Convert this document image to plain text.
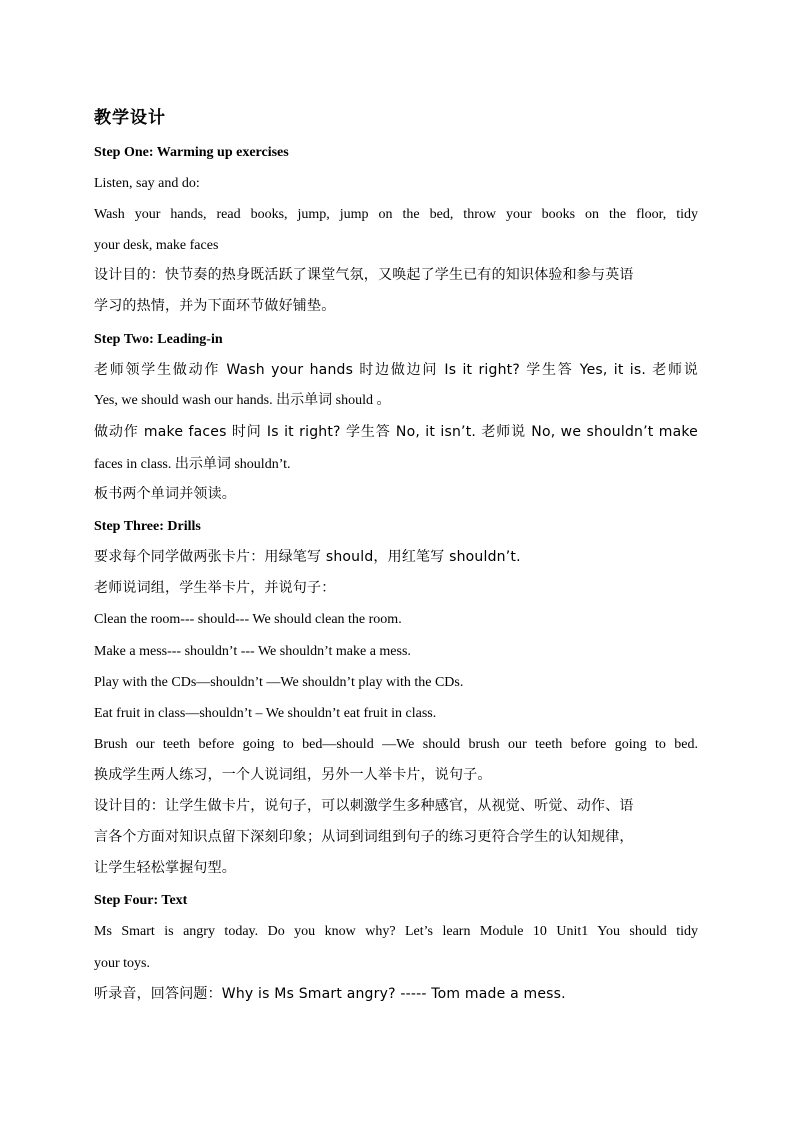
教学设计
Step One: Warming up exercises
Listen, say and do:
Wash your hands, read books, jump, jump on the bed, throw your books on the floor, tidy
your desk, make faces
设计目的：快节奏的热身既活跃了课堂气氛，又唤起了学生已有的知识体验和参与英语
学习的热情，并为下面环节做好铺垫。
Step Two: Leading-in
老师领学生做动作 Wash your hands 时边做边问 Is it right? 学生答 Yes, it is. 老师说
Yes, we should wash our hands. 出示单词 should 。
做动作 make faces 时问 Is it right? 学生答 No, it isn’t. 老师说 No, we shouldn’t make
faces in class. 出示单词 shouldn’t.
板书两个单词并领读。
Step Three: Drills
要求每个同学做两张卡片：用绿笔写 should，用红笔写 shouldn’t.
老师说词组，学生举卡片，并说句子：
Clean the room--- should--- We should clean the room.
Make a mess--- shouldn’t --- We shouldn’t make a mess.
Play with the CDs—shouldn’t —We shouldn’t play with the CDs.
Eat fruit in class—shouldn’t – We shouldn’t eat fruit in class.
Brush our teeth before going to bed—should —We should brush our teeth before going to bed.
换成学生两人练习，一个人说词组，另外一人举卡片，说句子。
设计目的：让学生做卡片，说句子，可以刺激学生多种感官，从视觉、听觉、动作、语
言各个方面对知识点留下深刻印象；从词到词组到句子的练习更符合学生的认知规律，
让学生轻松掌握句型。
Step Four: Text
Ms Smart is angry today. Do you know why? Let’s learn Module 10 Unit1 You should tidy
your toys.
听录音，回答问题：Why is Ms Smart angry? ----- Tom made a mess.
